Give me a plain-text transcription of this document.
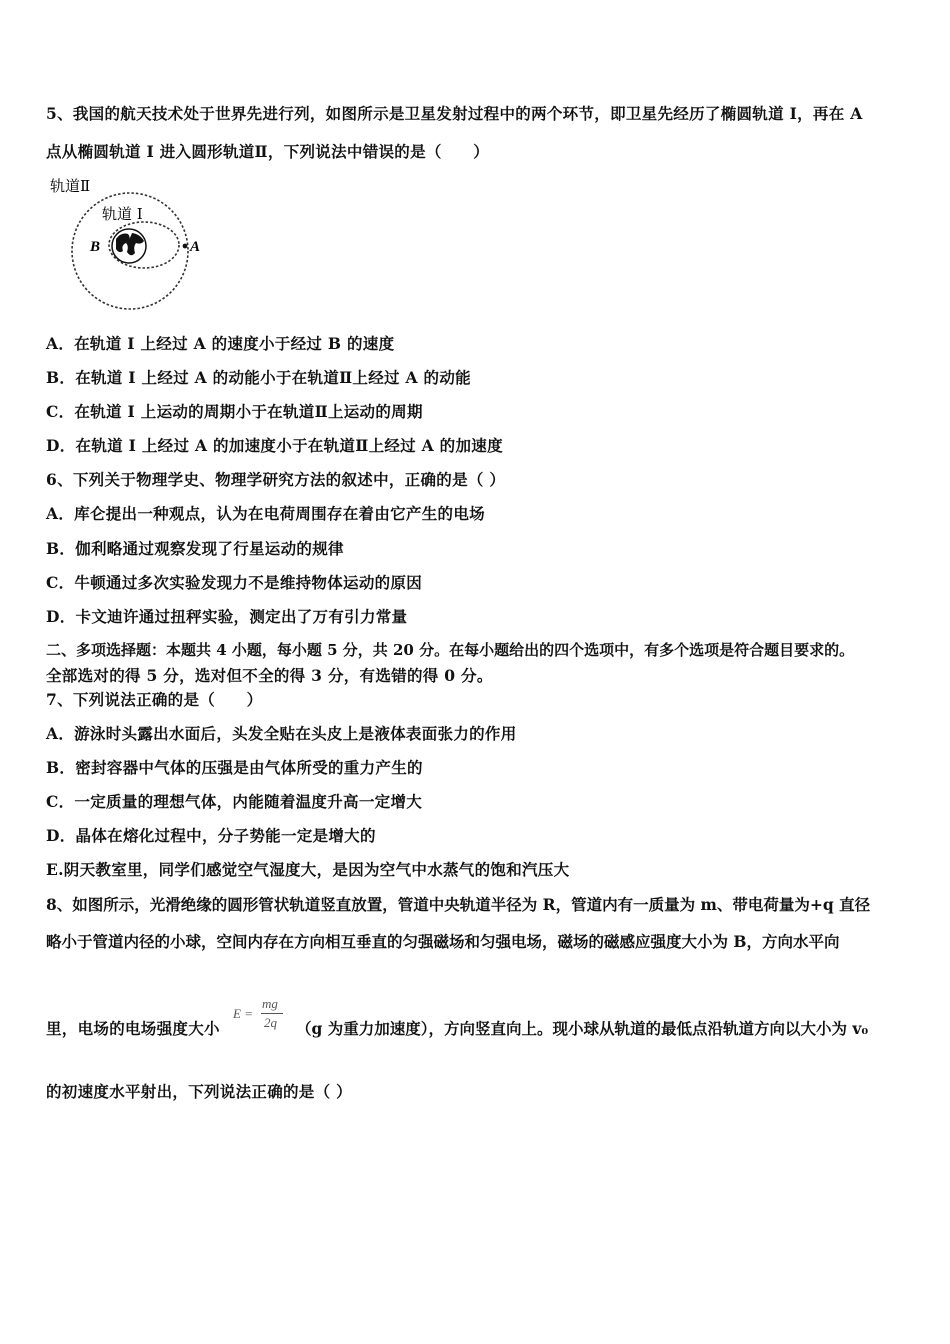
5、我国的航天技术处于世界先进行列，如图所示是卫星发射过程中的两个环节，即卫星先经历了椭圆轨道 I，再在 A
点从椭圆轨道 I 进入圆形轨道Ⅱ，下列说法中错误的是（　　）
轨道Ⅱ
轨道 I
B	A
A．在轨道 I 上经过 A 的速度小于经过 B 的速度
B．在轨道 I 上经过 A 的动能小于在轨道Ⅱ上经过 A 的动能
C．在轨道 I 上运动的周期小于在轨道Ⅱ上运动的周期
D．在轨道 I 上经过 A 的加速度小于在轨道Ⅱ上经过 A 的加速度
6、下列关于物理学史、物理学研究方法的叙述中，正确的是（ ）
A．库仑提出一种观点，认为在电荷周围存在着由它产生的电场
B．伽利略通过观察发现了行星运动的规律
C．牛顿通过多次实验发现力不是维持物体运动的原因
D．卡文迪许通过扭秤实验，测定出了万有引力常量
二、多项选择题：本题共 4 小题，每小题 5 分，共 20 分。在每小题给出的四个选项中，有多个选项是符合题目要求的。
全部选对的得 5 分，选对但不全的得 3 分，有选错的得 0 分。
7、下列说法正确的是（　　）
A．游泳时头露出水面后，头发全贴在头皮上是液体表面张力的作用
B．密封容器中气体的压强是由气体所受的重力产生的
C．一定质量的理想气体，内能随着温度升高一定增大
D．晶体在熔化过程中，分子势能一定是增大的
E.阴天教室里，同学们感觉空气湿度大，是因为空气中水蒸气的饱和汽压大
8、如图所示，光滑绝缘的圆形管状轨道竖直放置，管道中央轨道半径为 R，管道内有一质量为 m、带电荷量为+q 直径
略小于管道内径的小球，空间内存在方向相互垂直的匀强磁场和匀强电场，磁场的磁感应强度大小为 B，方向水平向
里，电场的电场强度大小
E =
mg
2q （g 为重力加速度），方向竖直向上。现小球从轨道的最低点沿轨道方向以大小为 v₀
的初速度水平射出，下列说法正确的是（ ）
